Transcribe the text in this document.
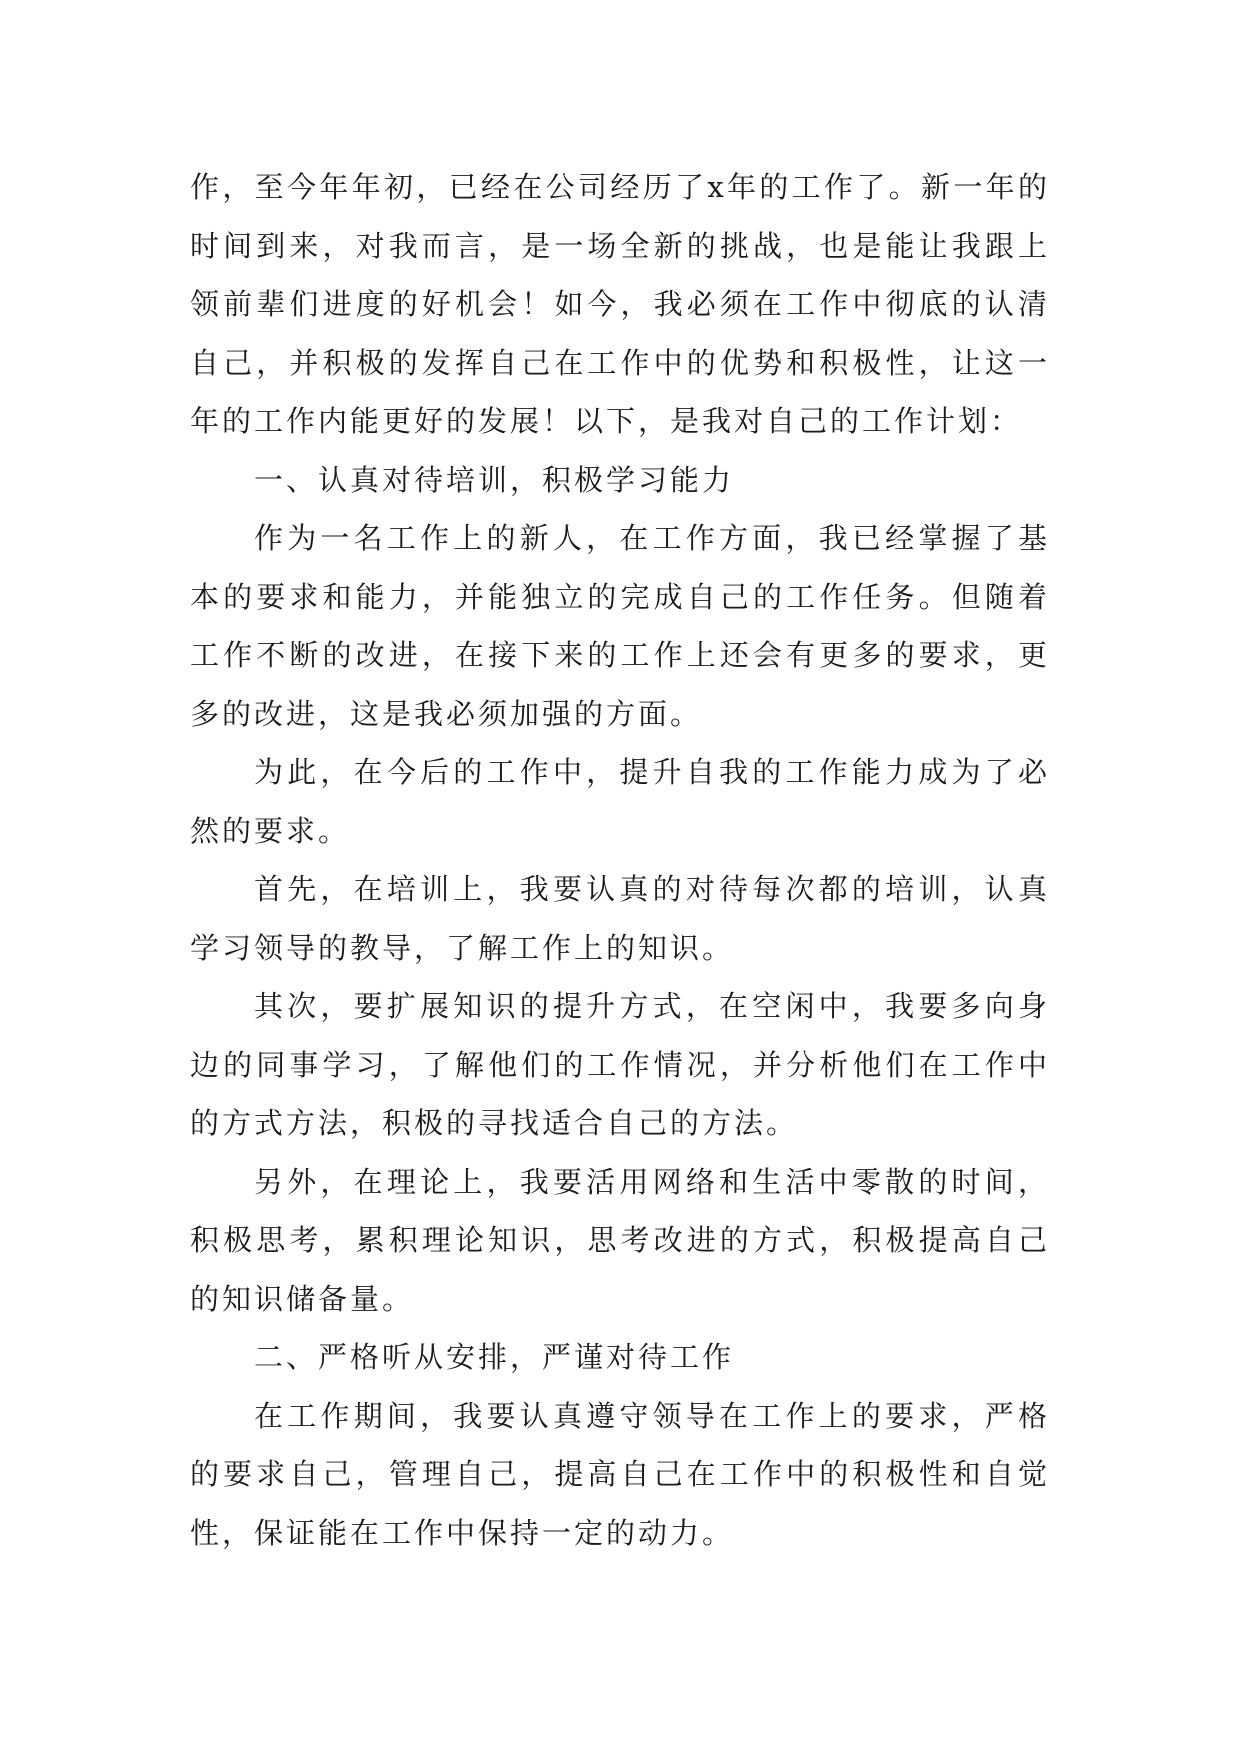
作，至今年年初，已经在公司经历了x年的工作了。新一年的时间到来，对我而言，是一场全新的挑战，也是能让我跟上领前辈们进度的好机会！如今，我必须在工作中彻底的认清自己，并积极的发挥自己在工作中的优势和积极性，让这一年的工作内能更好的发展！以下，是我对自己的工作计划：

一、认真对待培训，积极学习能力

作为一名工作上的新人，在工作方面，我已经掌握了基本的要求和能力，并能独立的完成自己的工作任务。但随着工作不断的改进，在接下来的工作上还会有更多的要求，更多的改进，这是我必须加强的方面。

为此，在今后的工作中，提升自我的工作能力成为了必然的要求。

首先，在培训上，我要认真的对待每次都的培训，认真学习领导的教导，了解工作上的知识。

其次，要扩展知识的提升方式，在空闲中，我要多向身边的同事学习，了解他们的工作情况，并分析他们在工作中的方式方法，积极的寻找适合自己的方法。

另外，在理论上，我要活用网络和生活中零散的时间，积极思考，累积理论知识，思考改进的方式，积极提高自己的知识储备量。

二、严格听从安排，严谨对待工作

在工作期间，我要认真遵守领导在工作上的要求，严格的要求自己，管理自己，提高自己在工作中的积极性和自觉性，保证能在工作中保持一定的动力。
